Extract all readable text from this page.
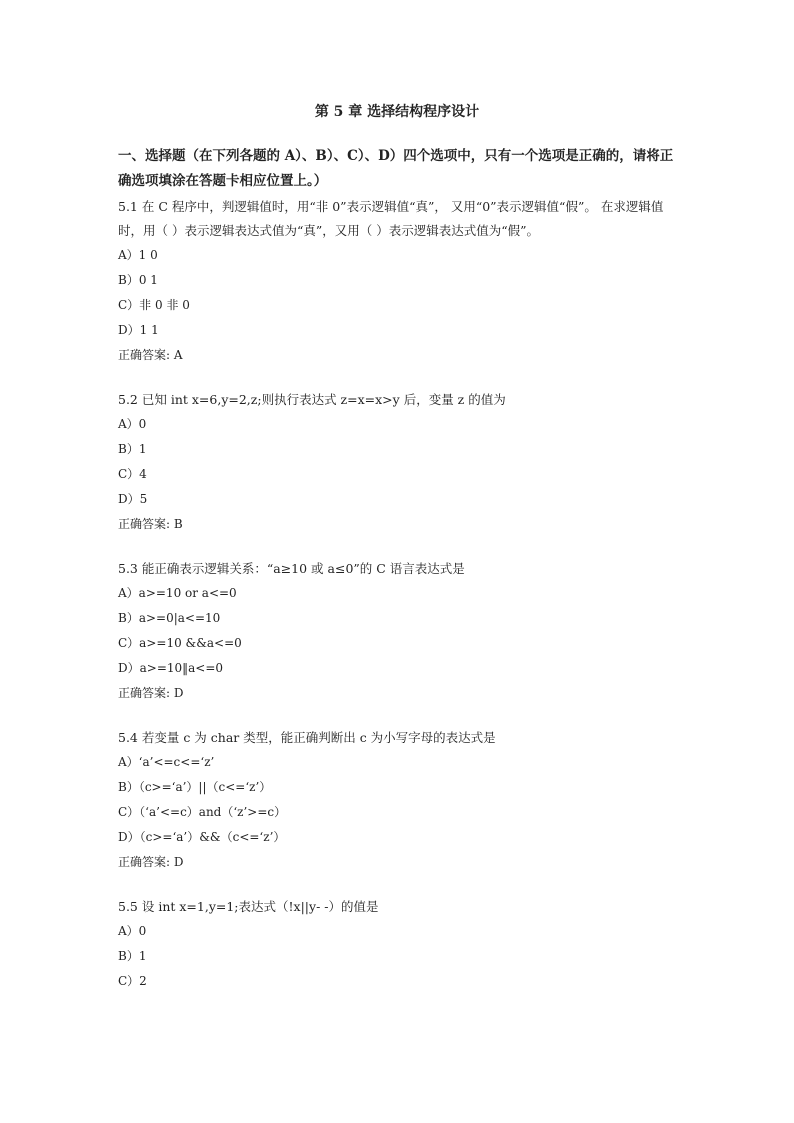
第 5 章 选择结构程序设计
一、选择题（在下列各题的 A）、B）、C）、D）四个选项中，只有一个选项是正确的，请将正确选项填涂在答题卡相应位置上。）
5.1 在 C 程序中，判逻辑值时，用“非 0”表示逻辑值“真”， 又用“0”表示逻辑值“假”。 在求逻辑值时，用（ ）表示逻辑表达式值为“真”，又用（ ）表示逻辑表达式值为“假”。
A）1 0
B）0 1
C）非 0 非 0
D）1 1
正确答案: A
5.2 已知 int x=6,y=2,z;则执行表达式 z=x=x>y 后，变量 z 的值为
A）0
B）1
C）4
D）5
正确答案: B
5.3 能正确表示逻辑关系：“a≥10 或 a≤0”的 C 语言表达式是
A）a>=10 or a<=0
B）a>=0|a<=10
C）a>=10 &&a<=0
D）a>=10‖a<=0
正确答案: D
5.4 若变量 c 为 char 类型，能正确判断出 c 为小写字母的表达式是
A）‘a’<=c<=‘z’
B）（c>=‘a’）||（c<=‘z’）
C）（‘a’<=c）and（‘z’>=c）
D）（c>=‘a’）&&（c<=‘z’）
正确答案: D
5.5 设 int x=1,y=1;表达式（!x||y- -）的值是
A）0
B）1
C）2
